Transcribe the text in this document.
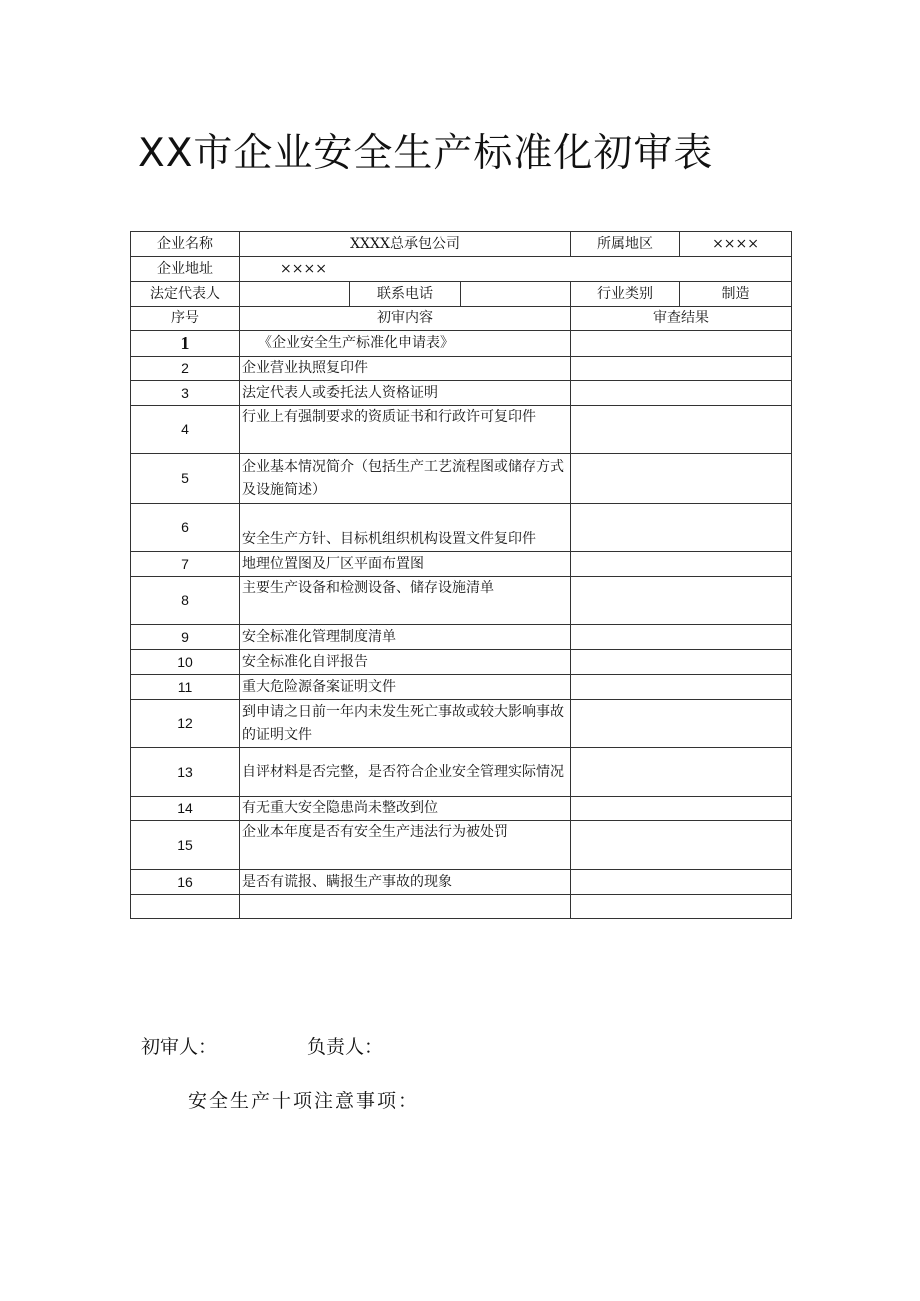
XX市企业安全生产标准化初审表
企业名称	XXXX总承包公司			所属地区	××××
企业地址	××××				
法定代表人		联系电话		行业类别	制造
序号	初审内容			审查结果	
1	《企业安全生产标准化申请表》				
2	企业营业执照复印件				
3	法定代表人或委托法人资格证明				
4	行业上有强制要求的资质证书和行政许可复印件				
5	企业基本情况简介（包括生产工艺流程图或储存方式及设施简述）				
6	安全生产方针、目标机组织机构设置文件复印件				
7	地理位置图及厂区平面布置图				
8	主要生产设备和检测设备、储存设施清单				
9	安全标准化管理制度清单				
10	安全标准化自评报告				
11	重大危险源备案证明文件				
12	到申请之日前一年内未发生死亡事故或较大影响事故的证明文件				
13	自评材料是否完整，是否符合企业安全管理实际情况				
14	有无重大安全隐患尚未整改到位				
15	企业本年度是否有安全生产违法行为被处罚				
16	是否有谎报、瞒报生产事故的现象				

初审人：	负责人：
安全生产十项注意事项：
